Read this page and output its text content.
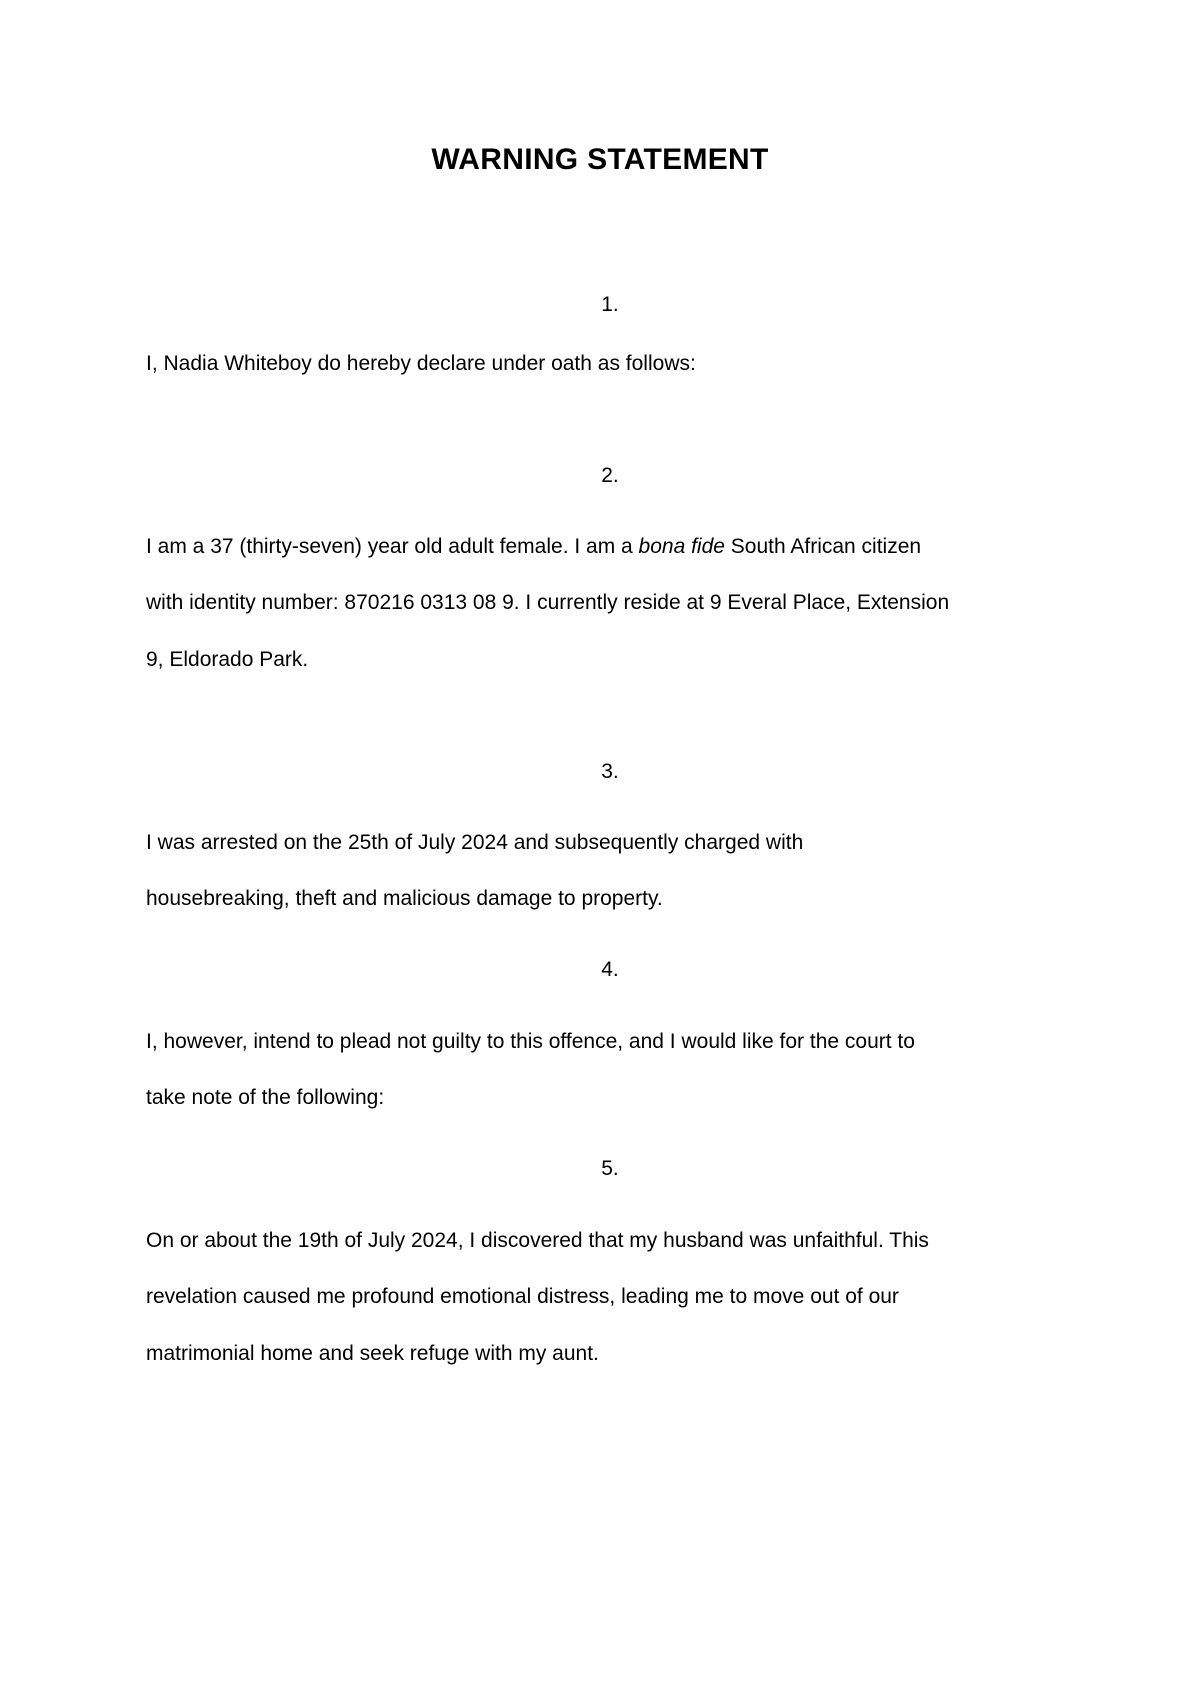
WARNING STATEMENT
1.
I, Nadia Whiteboy do hereby declare under oath as follows:
2.
I am a 37 (thirty-seven) year old adult female. I am a bona fide South African citizen
with identity number: 870216 0313 08 9. I currently reside at 9 Everal Place, Extension
9, Eldorado Park.
3.
I was arrested on the 25th of July 2024 and subsequently charged with
housebreaking, theft and malicious damage to property.
4.
I, however, intend to plead not guilty to this offence, and I would like for the court to
take note of the following:
5.
On or about the 19th of July 2024, I discovered that my husband was unfaithful. This
revelation caused me profound emotional distress, leading me to move out of our
matrimonial home and seek refuge with my aunt.
